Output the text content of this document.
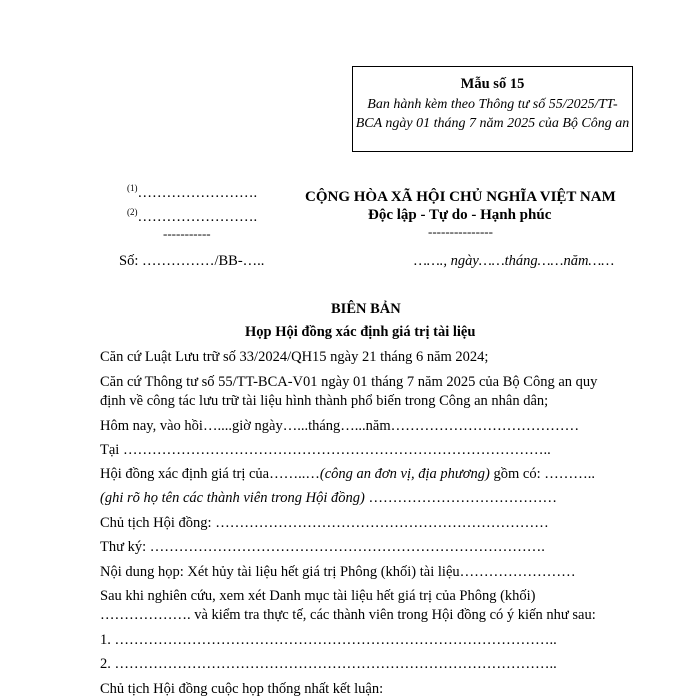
Mẫu số 15
Ban hành kèm theo Thông tư số 55/2025/TT-BCA ngày 01 tháng 7 năm 2025 của Bộ Công an
$^{(1)}$…………………….
$^{(2)}$…………………….
-----------
Số: ……………/BB-…..
CỘNG HÒA XÃ HỘI CHỦ NGHĨA VIỆT NAM
Độc lập - Tự do - Hạnh phúc
---------------
……., ngày……tháng……năm……
BIÊN BẢN
Họp Hội đồng xác định giá trị tài liệu
Căn cứ Luật Lưu trữ số 33/2024/QH15 ngày 21 tháng 6 năm 2024;
Căn cứ Thông tư số 55/TT-BCA-V01 ngày 01 tháng 7 năm 2025 của Bộ Công an quy
định về công tác lưu trữ tài liệu hình thành phổ biến trong Công an nhân dân;
Hôm nay, vào hồi…....giờ ngày…...tháng…...năm…………………………………
Tại ……………………………………………………………………………..
Hội đồng xác định giá trị của……..…(công an đơn vị, địa phương) gồm có: ………..
(ghi rõ họ tên các thành viên trong Hội đồng) …………………………………
Chủ tịch Hội đồng: ……………………………………………………………
Thư ký: ……………………………………………………………………….
Nội dung họp: Xét hủy tài liệu hết giá trị Phông (khối) tài liệu……………………
Sau khi nghiên cứu, xem xét Danh mục tài liệu hết giá trị của Phông (khối)
………………. và kiểm tra thực tế, các thành viên trong Hội đồng có ý kiến như sau:
1. ………………………………………………………………………………..
2. ………………………………………………………………………………..
Chủ tịch Hội đồng cuộc họp thống nhất kết luận:
